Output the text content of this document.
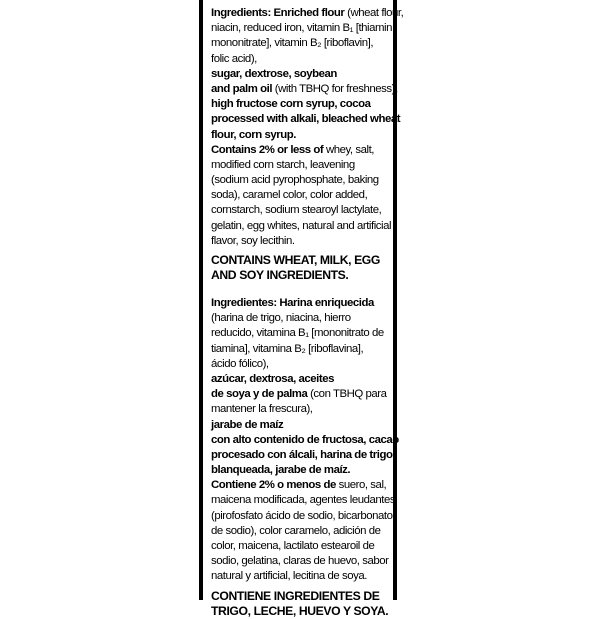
Ingredients: Enriched flour (wheat flour,
niacin, reduced iron, vitamin B₁ [thiamin
mononitrate], vitamin B₂ [riboflavin],
folic acid),
sugar, dextrose, soybean
and palm oil (with TBHQ for freshness),
high fructose corn syrup, cocoa
processed with alkali, bleached wheat
flour, corn syrup.
Contains 2% or less of whey, salt,
modified corn starch, leavening
(sodium acid pyrophosphate, baking
soda), caramel color, color added,
cornstarch, sodium stearoyl lactylate,
gelatin, egg whites, natural and artificial
flavor, soy lecithin.
CONTAINS WHEAT, MILK, EGG
AND SOY INGREDIENTS.
Ingredientes: Harina enriquecida
(harina de trigo, niacina, hierro
reducido, vitamina B₁ [mononitrato de
tiamina], vitamina B₂ [riboflavina],
ácido fólico),
azúcar, dextrosa, aceites
de soya y de palma (con TBHQ para
mantener la frescura),
jarabe de maíz
con alto contenido de fructosa, cacao
procesado con álcali, harina de trigo
blanqueada, jarabe de maíz.
Contiene 2% o menos de suero, sal,
maicena modificada, agentes leudantes
(pirofosfato ácido de sodio, bicarbonato
de sodio), color caramelo, adición de
color, maicena, lactilato estearoil de
sodio, gelatina, claras de huevo, sabor
natural y artificial, lecitina de soya.
CONTIENE INGREDIENTES DE
TRIGO, LECHE, HUEVO Y SOYA.
